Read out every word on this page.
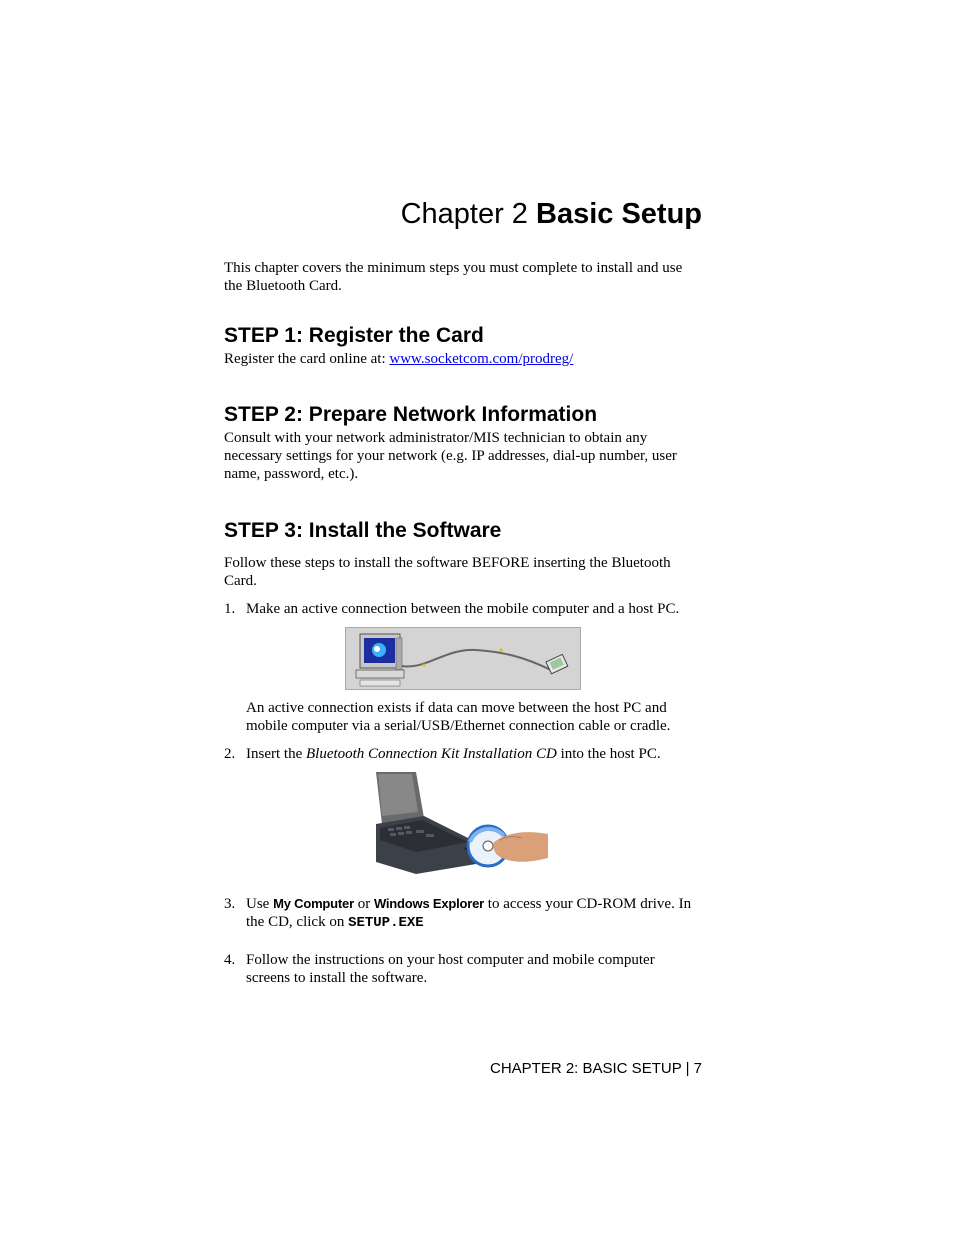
Chapter 2 Basic Setup
This chapter covers the minimum steps you must complete to install and use the Bluetooth Card.
STEP 1: Register the Card
Register the card online at: www.socketcom.com/prodreg/
STEP 2: Prepare Network Information
Consult with your network administrator/MIS technician to obtain any necessary settings for your network (e.g. IP addresses, dial-up number, user name, password, etc.).
STEP 3: Install the Software
Follow these steps to install the software BEFORE inserting the Bluetooth Card.
1. Make an active connection between the mobile computer and a host PC.
An active connection exists if data can move between the host PC and mobile computer via a serial/USB/Ethernet connection cable or cradle.
2. Insert the Bluetooth Connection Kit Installation CD into the host PC.
3. Use My Computer or Windows Explorer to access your CD-ROM drive. In the CD, click on SETUP.EXE
4. Follow the instructions on your host computer and mobile computer screens to install the software.
CHAPTER 2: BASIC SETUP | 7
